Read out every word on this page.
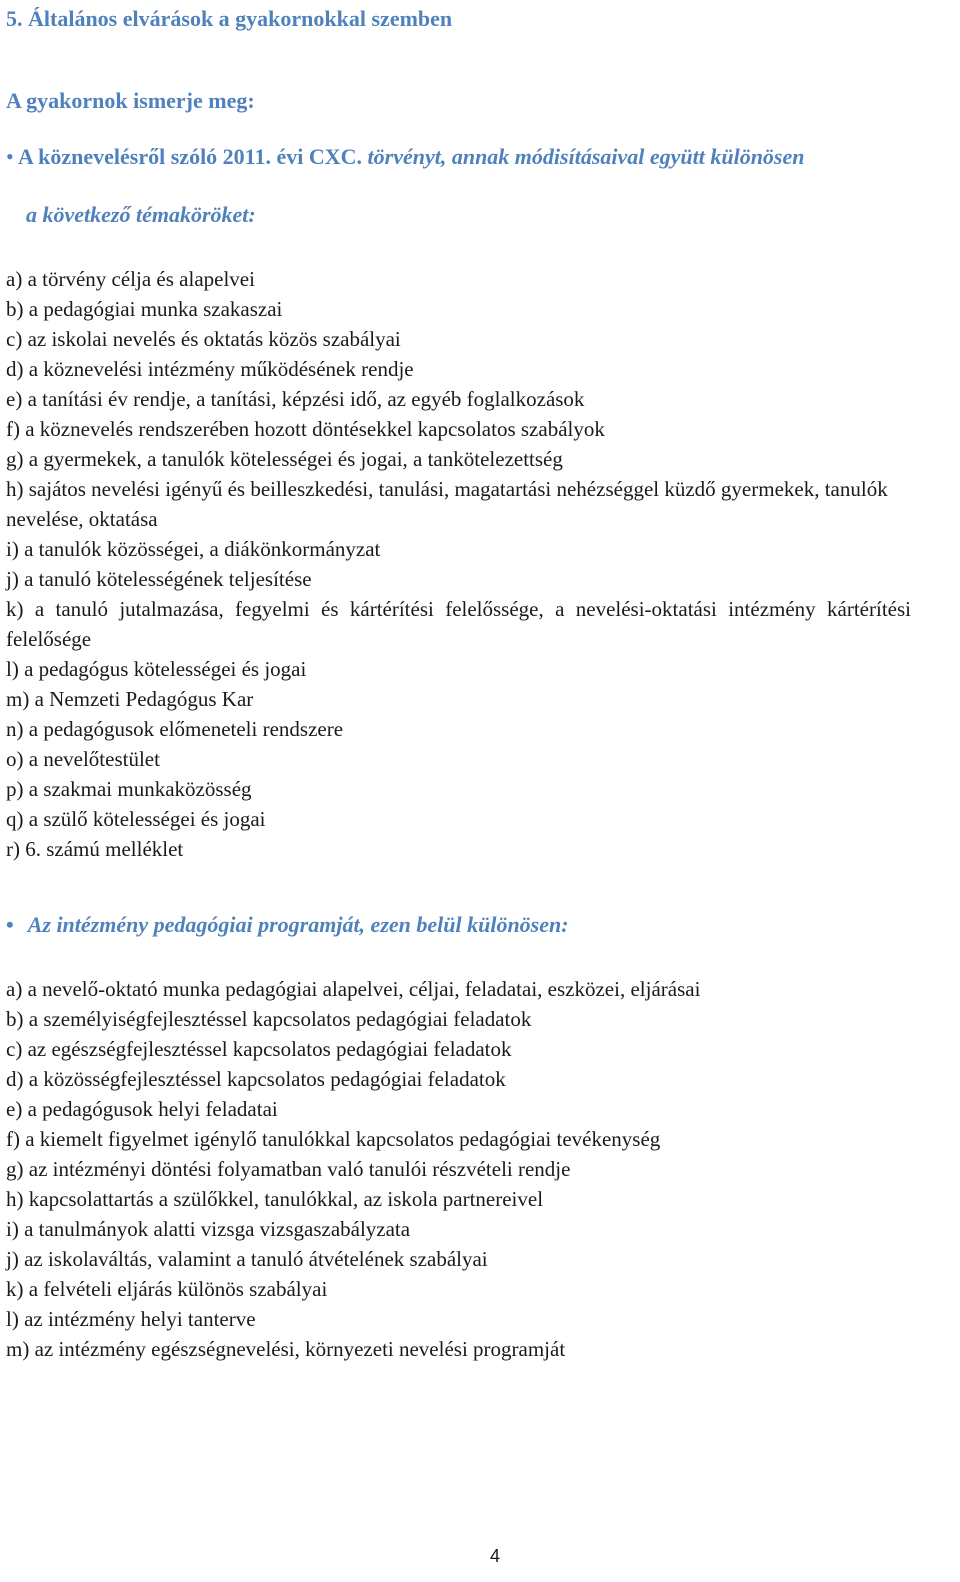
5. Általános elvárások a gyakornokkal szemben
A gyakornok ismerje meg:
• A köznevelésről szóló 2011. évi CXC. törvényt, annak módisításaival együtt különösen
a következő témaköröket:
a) a törvény célja és alapelvei
b) a pedagógiai munka szakaszai
c) az iskolai nevelés és oktatás közös szabályai
d) a köznevelési intézmény működésének rendje
e) a tanítási év rendje, a tanítási, képzési idő, az egyéb foglalkozások
f) a köznevelés rendszerében hozott döntésekkel kapcsolatos szabályok
g) a gyermekek, a tanulók kötelességei és jogai, a tankötelezettség
h) sajátos nevelési igényű és beilleszkedési, tanulási, magatartási nehézséggel küzdő gyermekek, tanulók nevelése, oktatása
i) a tanulók közösségei, a diákönkormányzat
j) a tanuló kötelességének teljesítése
k) a tanuló jutalmazása, fegyelmi és kártérítési felelőssége, a nevelési-oktatási intézmény kártérítési felelősége
l) a pedagógus kötelességei és jogai
m) a Nemzeti Pedagógus Kar
n) a pedagógusok előmeneteli rendszere
o) a nevelőtestület
p) a szakmai munkaközösség
q) a szülő kötelességei és jogai
r) 6. számú melléklet
• Az intézmény pedagógiai programját, ezen belül különösen:
a) a nevelő-oktató munka pedagógiai alapelvei, céljai, feladatai, eszközei, eljárásai
b) a személyiségfejlesztéssel kapcsolatos pedagógiai feladatok
c) az egészségfejlesztéssel kapcsolatos pedagógiai feladatok
d) a közösségfejlesztéssel kapcsolatos pedagógiai feladatok
e) a pedagógusok helyi feladatai
f) a kiemelt figyelmet igénylő tanulókkal kapcsolatos pedagógiai tevékenység
g) az intézményi döntési folyamatban való tanulói részvételi rendje
h) kapcsolattartás a szülőkkel, tanulókkal, az iskola partnereivel
i) a tanulmányok alatti vizsga vizsgaszabályzata
j) az iskolaváltás, valamint a tanuló átvételének szabályai
k) a felvételi eljárás különös szabályai
l) az intézmény helyi tanterve
m) az intézmény egészségnevelési, környezeti nevelési programját
4
